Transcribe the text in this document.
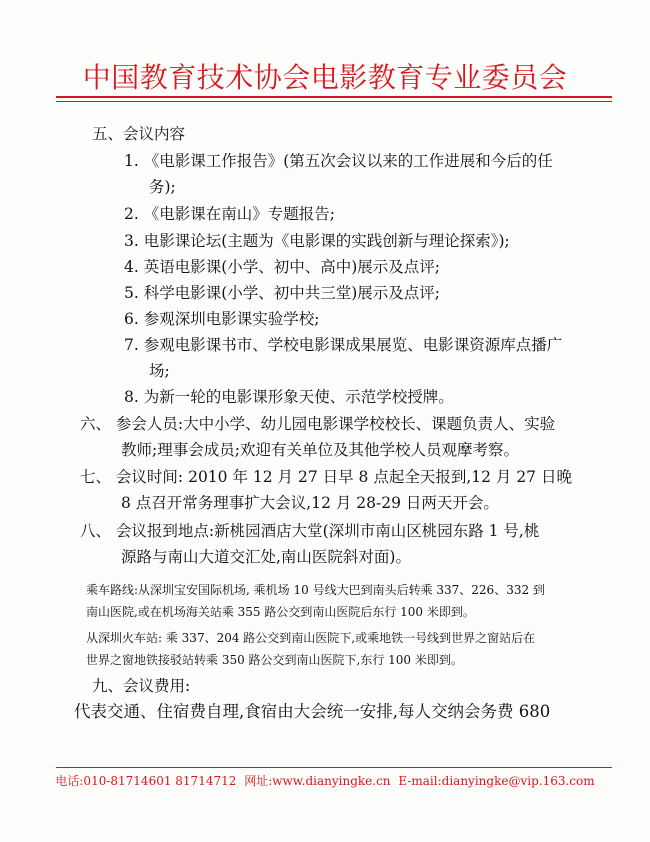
中国教育技术协会电影教育专业委员会
五、会议内容
1. 《电影课工作报告》(第五次会议以来的工作进展和今后的任
务);
2. 《电影课在南山》专题报告;
3. 电影课论坛(主题为《电影课的实践创新与理论探索》);
4. 英语电影课(小学、初中、高中)展示及点评;
5. 科学电影课(小学、初中共三堂)展示及点评;
6. 参观深圳电影课实验学校;
7. 参观电影课书市、学校电影课成果展览、电影课资源库点播广
场;
8. 为新一轮的电影课形象天使、示范学校授牌。
六、 参会人员:大中小学、幼儿园电影课学校校长、课题负责人、实验
教师;理事会成员;欢迎有关单位及其他学校人员观摩考察。
七、 会议时间: 2010 年 12 月 27 日早 8 点起全天报到,12 月 27 日晚
8 点召开常务理事扩大会议,12 月 28-29 日两天开会。
八、 会议报到地点:新桃园酒店大堂(深圳市南山区桃园东路 1 号,桃
源路与南山大道交汇处,南山医院斜对面)。
乘车路线:从深圳宝安国际机场, 乘机场 10 号线大巴到南头后转乘 337、226、332 到
南山医院,或在机场海关站乘 355 路公交到南山医院后东行 100 米即到。
从深圳火车站: 乘 337、204 路公交到南山医院下,或乘地铁一号线到世界之窗站后在
世界之窗地铁接驳站转乘 350 路公交到南山医院下,东行 100 米即到。
九、会议费用:
代表交通、住宿费自理,食宿由大会统一安排,每人交纳会务费 680
电话:010-81714601 81714712 网址:www.dianyingke.cn E-mail:dianyingke@vip.163.com
